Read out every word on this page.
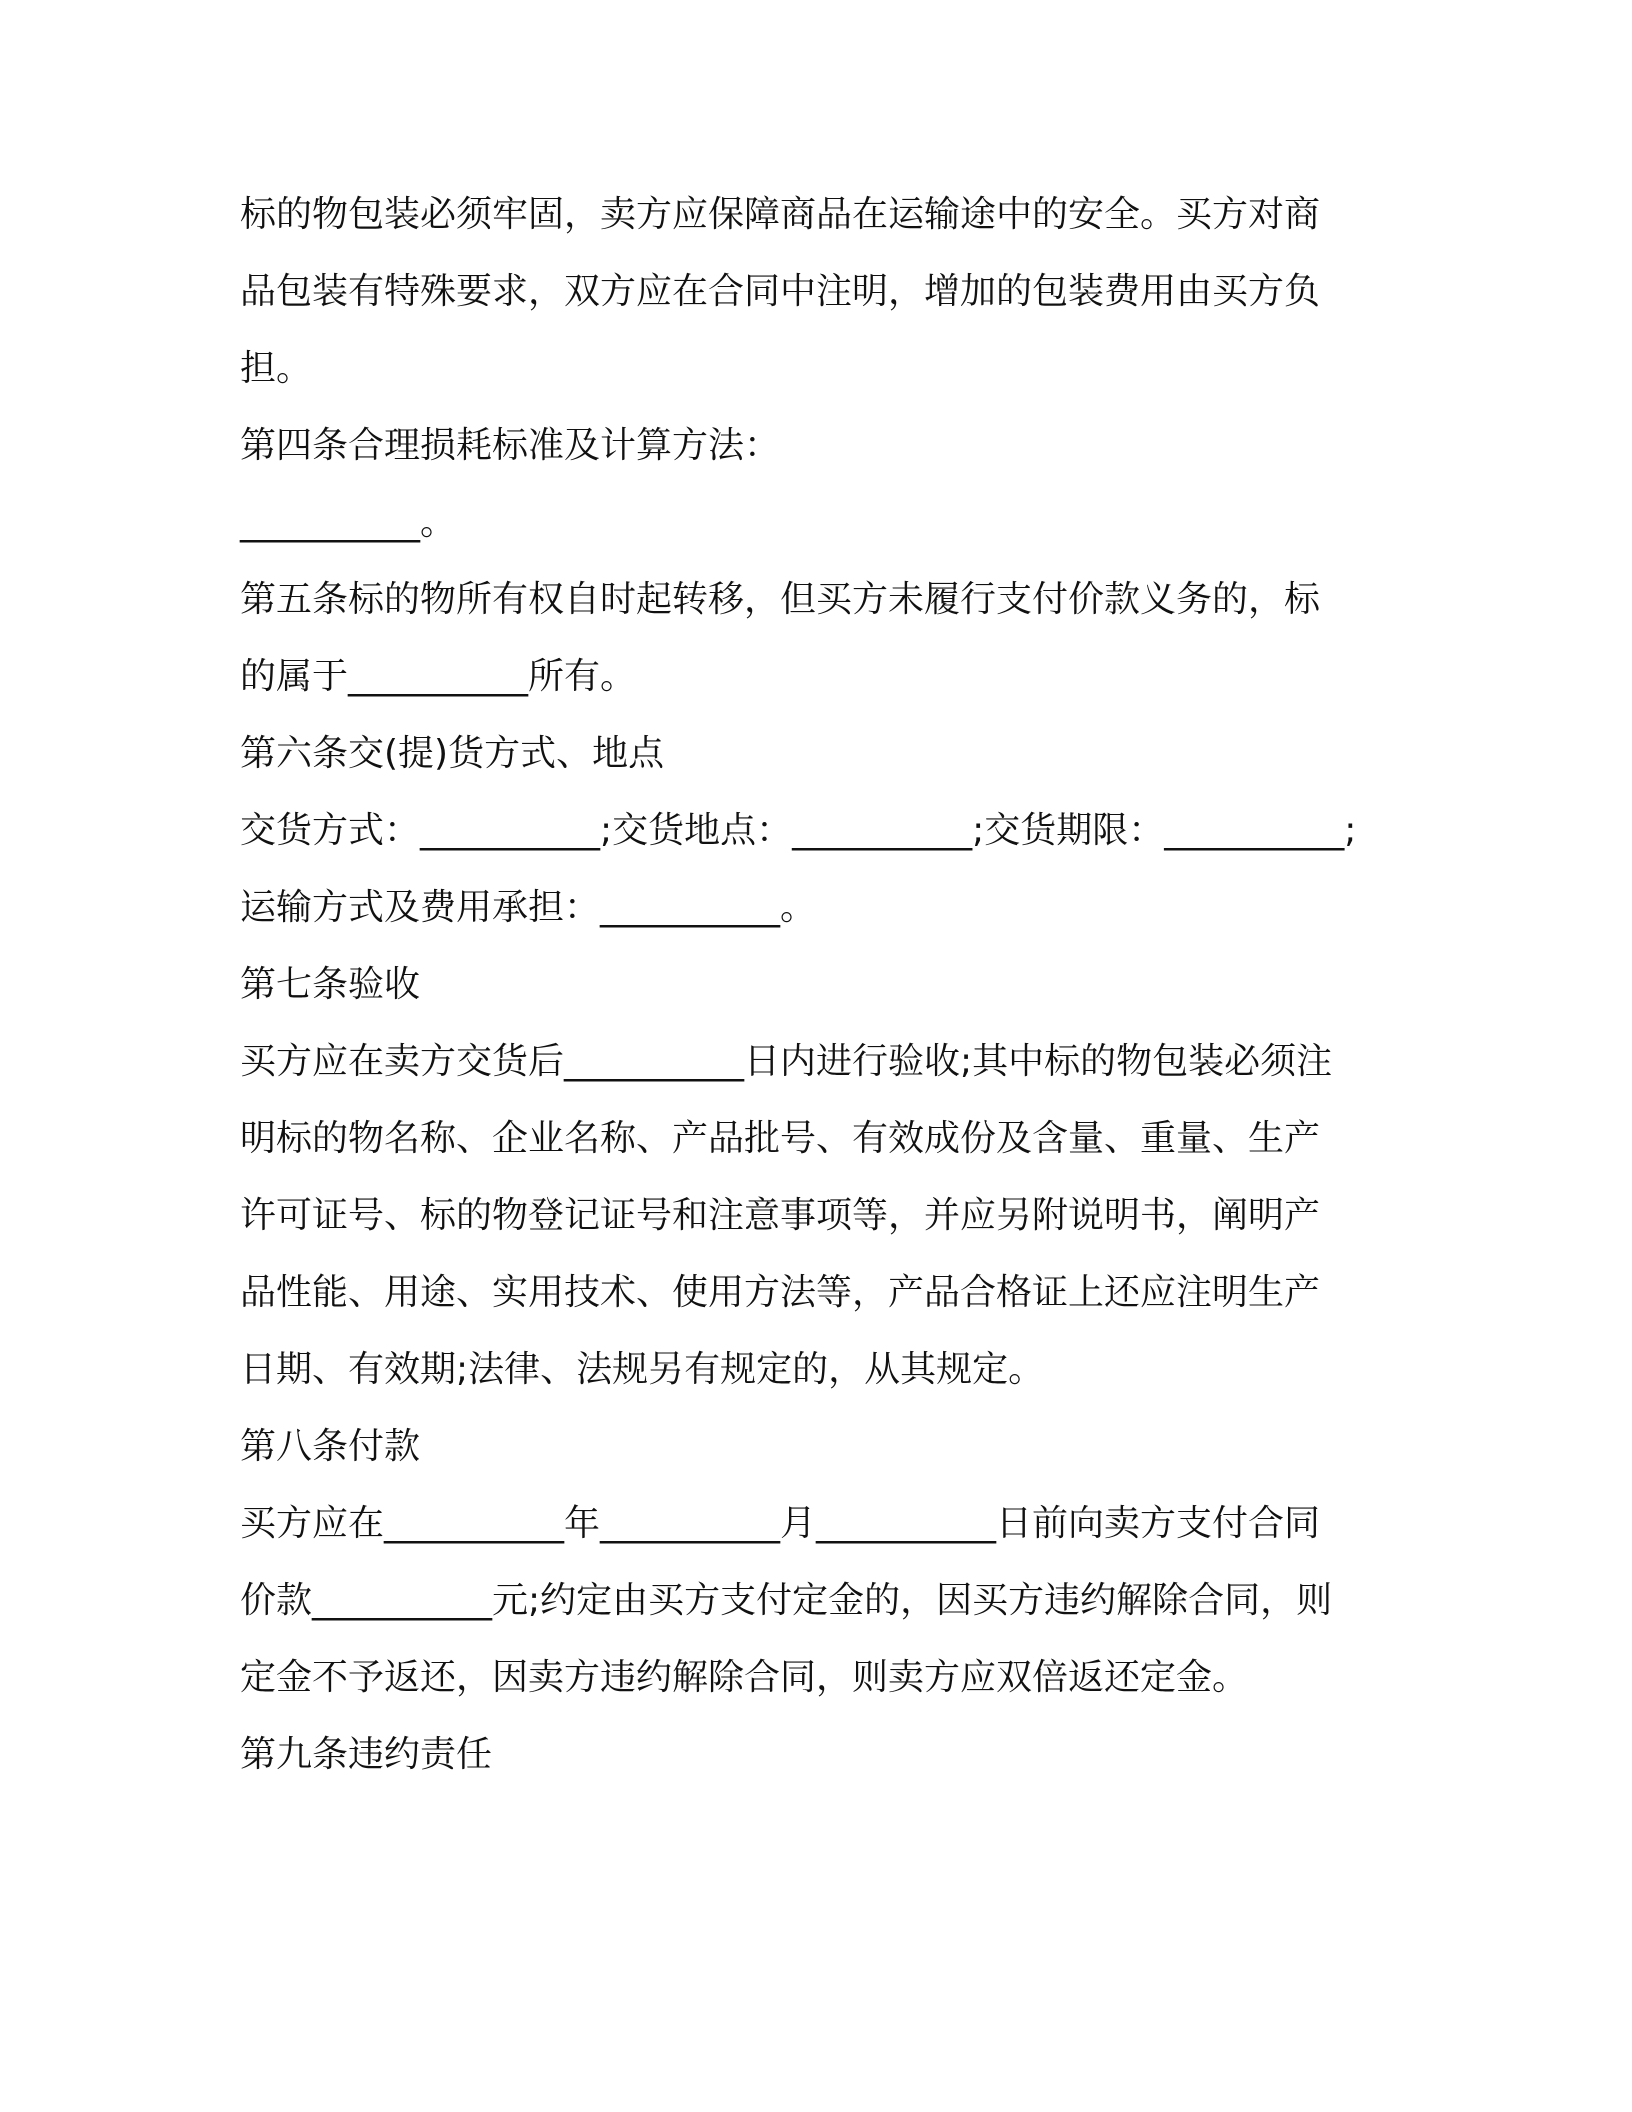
标的物包装必须牢固，卖方应保障商品在运输途中的安全。买方对商
品包装有特殊要求，双方应在合同中注明，增加的包装费用由买方负
担。
第四条合理损耗标准及计算方法：
__________。
第五条标的物所有权自时起转移，但买方未履行支付价款义务的，标
的属于__________所有。
第六条交(提)货方式、地点
交货方式：__________;交货地点：__________;交货期限：__________;
运输方式及费用承担：__________。
第七条验收
买方应在卖方交货后__________日内进行验收;其中标的物包装必须注
明标的物名称、企业名称、产品批号、有效成份及含量、重量、生产
许可证号、标的物登记证号和注意事项等，并应另附说明书，阐明产
品性能、用途、实用技术、使用方法等，产品合格证上还应注明生产
日期、有效期;法律、法规另有规定的，从其规定。
第八条付款
买方应在__________年__________月__________日前向卖方支付合同
价款__________元;约定由买方支付定金的，因买方违约解除合同，则
定金不予返还，因卖方违约解除合同，则卖方应双倍返还定金。
第九条违约责任
